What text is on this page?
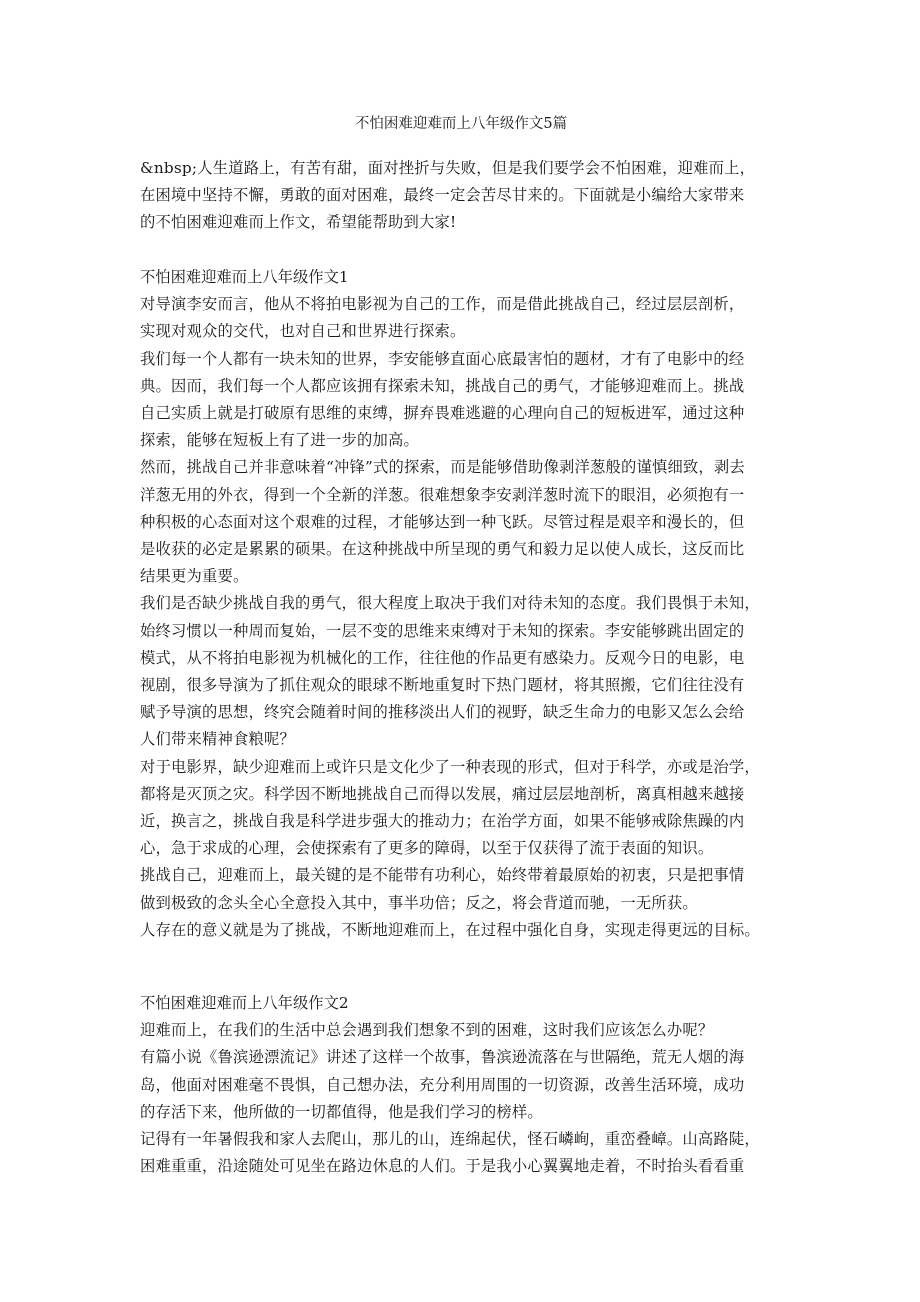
不怕困难迎难而上八年级作文5篇

&nbsp;人生道路上，有苦有甜，面对挫折与失败，但是我们要学会不怕困难，迎难而上，
在困境中坚持不懈，勇敢的面对困难，最终一定会苦尽甘来的。下面就是小编给大家带来
的不怕困难迎难而上作文，希望能帮助到大家!

不怕困难迎难而上八年级作文1

对导演李安而言，他从不将拍电影视为自己的工作，而是借此挑战自己，经过层层剖析，
实现对观众的交代，也对自己和世界进行探索。

我们每一个人都有一块未知的世界，李安能够直面心底最害怕的题材，才有了电影中的经
典。因而，我们每一个人都应该拥有探索未知，挑战自己的勇气，才能够迎难而上。挑战
自己实质上就是打破原有思维的束缚，摒弃畏难逃避的心理向自己的短板进军，通过这种
探索，能够在短板上有了进一步的加高。

然而，挑战自己并非意味着“冲锋”式的探索，而是能够借助像剥洋葱般的谨慎细致，剥去
洋葱无用的外衣，得到一个全新的洋葱。很难想象李安剥洋葱时流下的眼泪，必须抱有一
种积极的心态面对这个艰难的过程，才能够达到一种飞跃。尽管过程是艰辛和漫长的，但
是收获的必定是累累的硕果。在这种挑战中所呈现的勇气和毅力足以使人成长，这反而比
结果更为重要。

我们是否缺少挑战自我的勇气，很大程度上取决于我们对待未知的态度。我们畏惧于未知，
始终习惯以一种周而复始，一层不变的思维来束缚对于未知的探索。李安能够跳出固定的
模式，从不将拍电影视为机械化的工作，往往他的作品更有感染力。反观今日的电影，电
视剧，很多导演为了抓住观众的眼球不断地重复时下热门题材，将其照搬，它们往往没有
赋予导演的思想，终究会随着时间的推移淡出人们的视野，缺乏生命力的电影又怎么会给
人们带来精神食粮呢？

对于电影界，缺少迎难而上或许只是文化少了一种表现的形式，但对于科学，亦或是治学，
都将是灭顶之灾。科学因不断地挑战自己而得以发展，痛过层层地剖析，离真相越来越接
近，换言之，挑战自我是科学进步强大的推动力；在治学方面，如果不能够戒除焦躁的内
心，急于求成的心理，会使探索有了更多的障碍，以至于仅获得了流于表面的知识。

挑战自己，迎难而上，最关键的是不能带有功利心，始终带着最原始的初衷，只是把事情
做到极致的念头全心全意投入其中，事半功倍；反之，将会背道而驰，一无所获。

人存在的意义就是为了挑战，不断地迎难而上，在过程中强化自身，实现走得更远的目标。

不怕困难迎难而上八年级作文2

迎难而上，在我们的生活中总会遇到我们想象不到的困难，这时我们应该怎么办呢？

有篇小说《鲁滨逊漂流记》讲述了这样一个故事，鲁滨逊流落在与世隔绝，荒无人烟的海
岛，他面对困难毫不畏惧，自己想办法，充分利用周围的一切资源，改善生活环境，成功
的存活下来，他所做的一切都值得，他是我们学习的榜样。

记得有一年暑假我和家人去爬山，那儿的山，连绵起伏，怪石嶙峋，重峦叠嶂。山高路陡，
困难重重，沿途随处可见坐在路边休息的人们。于是我小心翼翼地走着，不时抬头看看重
